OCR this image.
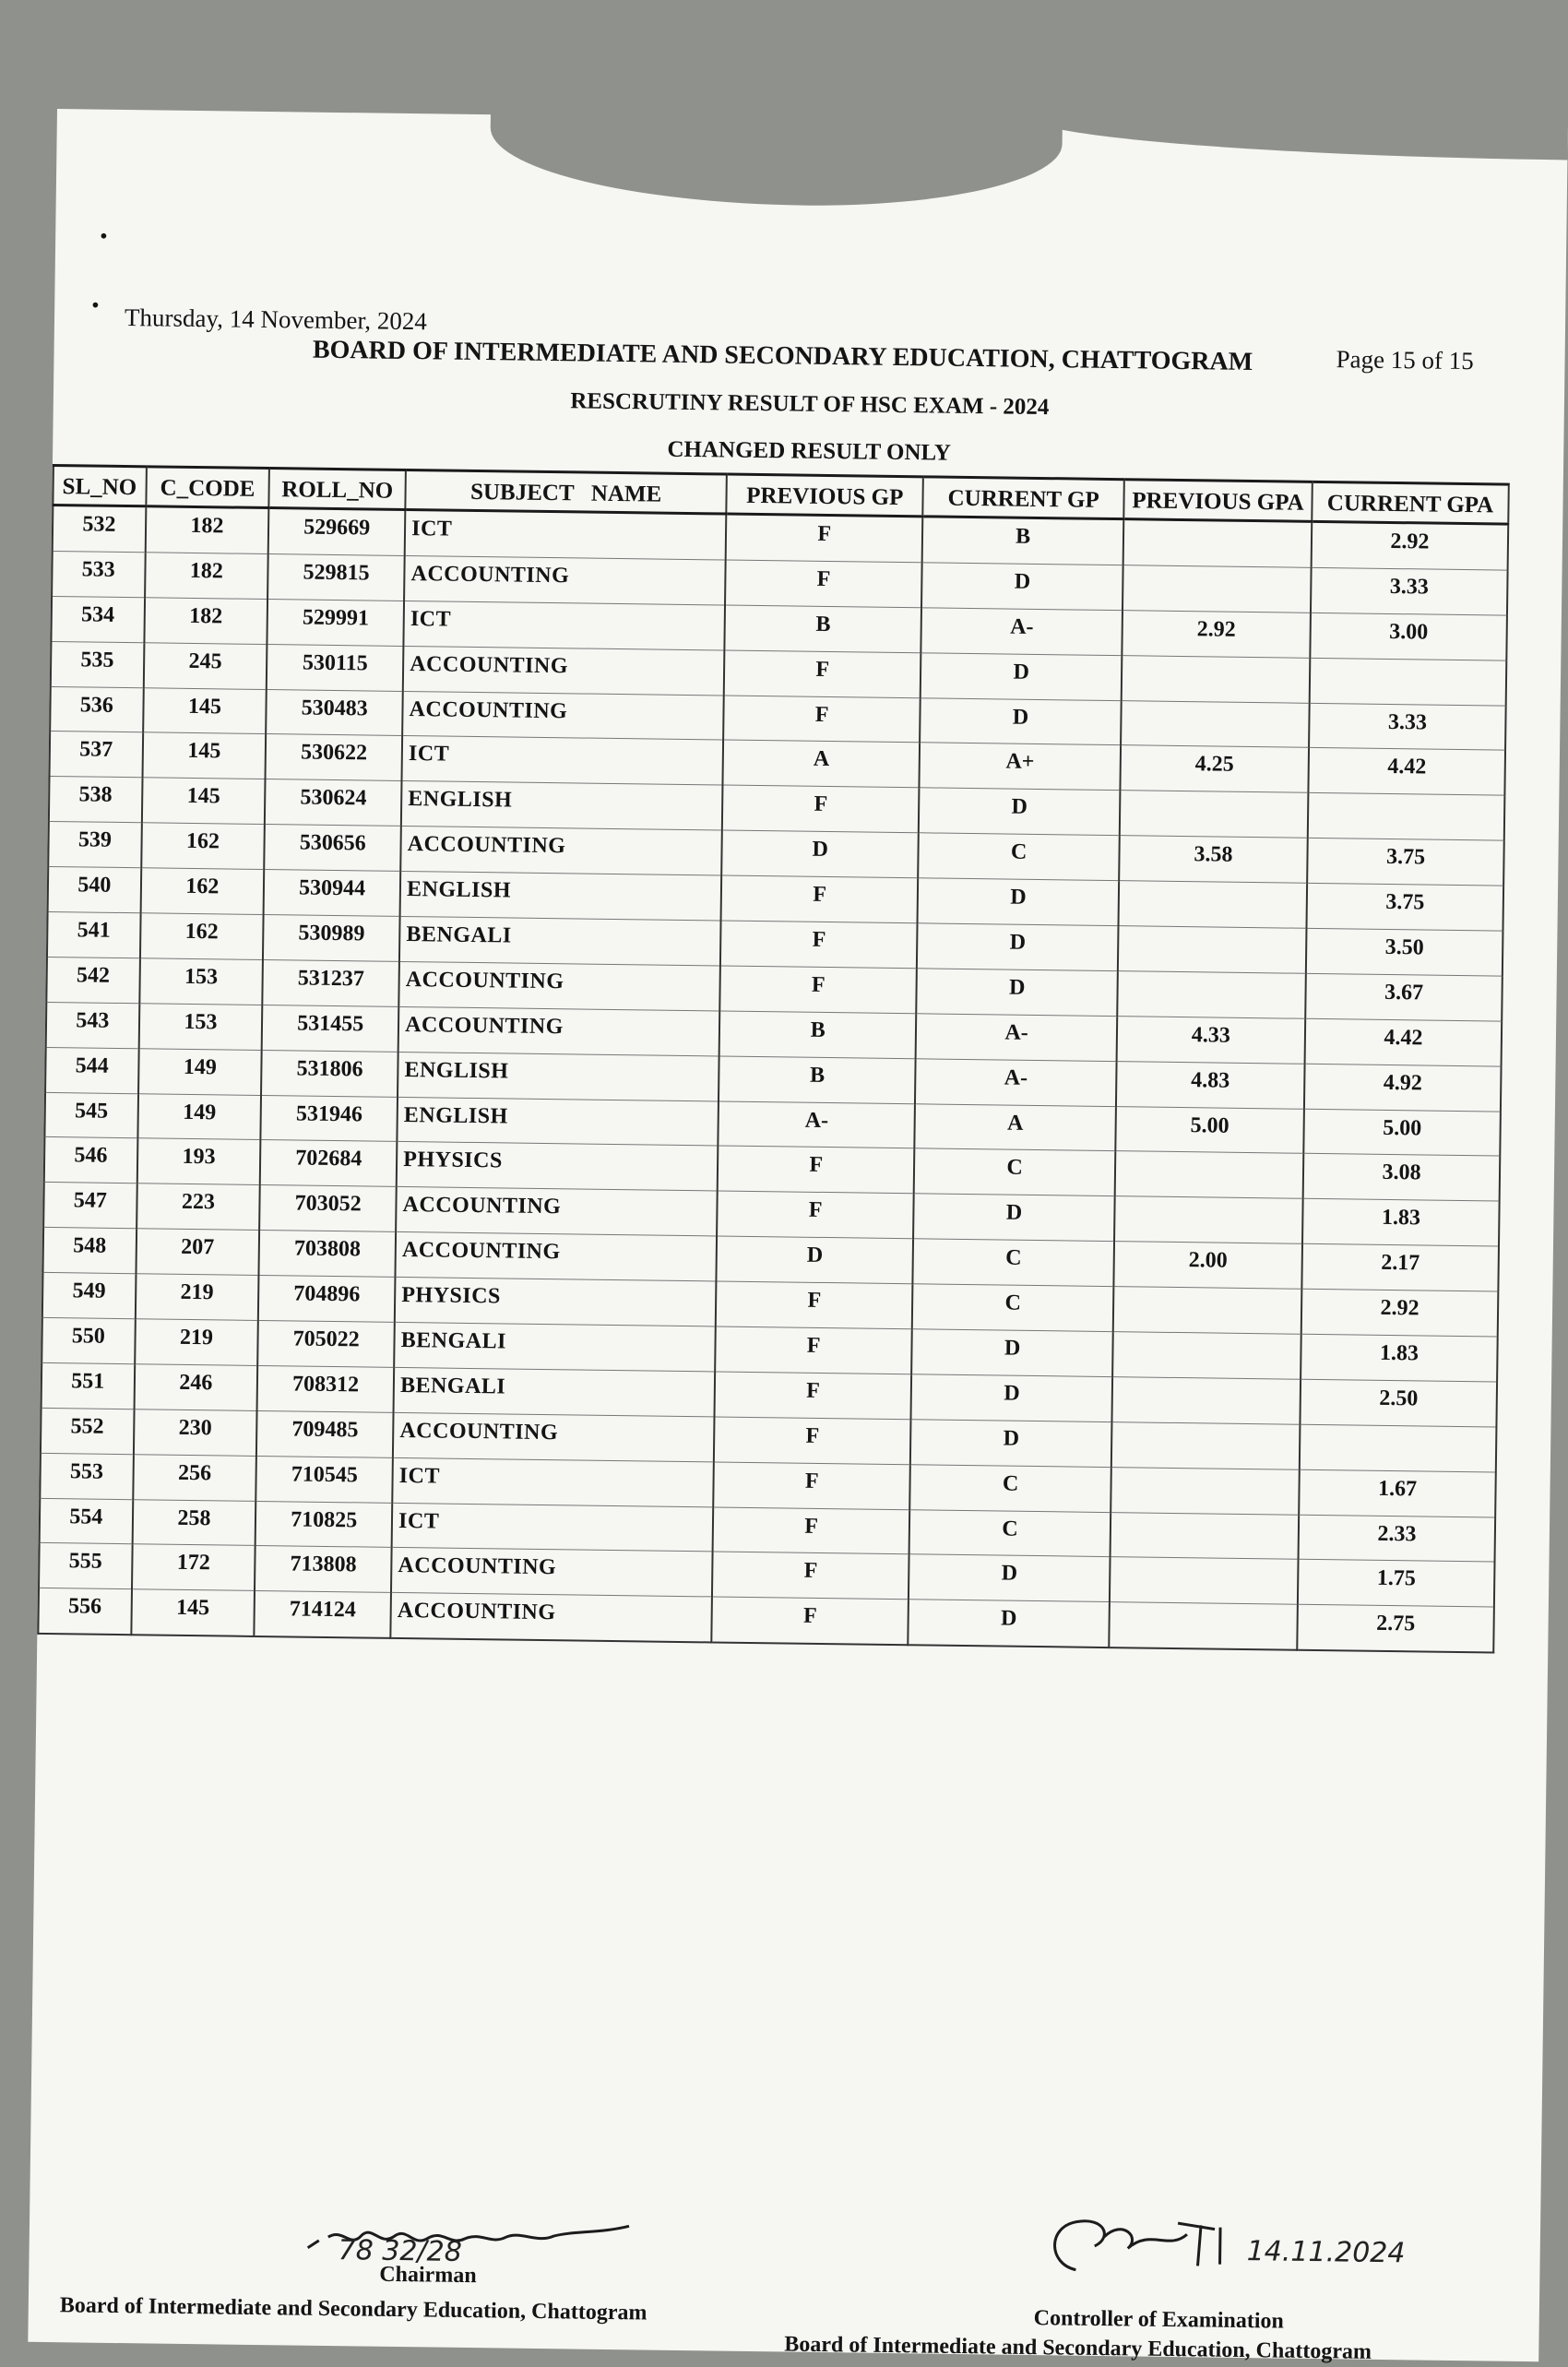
•
• Thursday, 14 November, 2024
Page 15 of 15
BOARD OF INTERMEDIATE AND SECONDARY EDUCATION, CHATTOGRAM
RESCRUTINY RESULT OF HSC EXAM - 2024
CHANGED RESULT ONLY
SL_NO	C_CODE	ROLL_NO	SUBJECT   NAME	PREVIOUS GP	CURRENT GP	PREVIOUS GPA	CURRENT GPA
532	182	529669	ICT	F	B		2.92
533	182	529815	ACCOUNTING	F	D		3.33
534	182	529991	ICT	B	A-	2.92	3.00
535	245	530115	ACCOUNTING	F	D		
536	145	530483	ACCOUNTING	F	D		3.33
537	145	530622	ICT	A	A+	4.25	4.42
538	145	530624	ENGLISH	F	D		
539	162	530656	ACCOUNTING	D	C	3.58	3.75
540	162	530944	ENGLISH	F	D		3.75
541	162	530989	BENGALI	F	D		3.50
542	153	531237	ACCOUNTING	F	D		3.67
543	153	531455	ACCOUNTING	B	A-	4.33	4.42
544	149	531806	ENGLISH	B	A-	4.83	4.92
545	149	531946	ENGLISH	A-	A	5.00	5.00
546	193	702684	PHYSICS	F	C		3.08
547	223	703052	ACCOUNTING	F	D		1.83
548	207	703808	ACCOUNTING	D	C	2.00	2.17
549	219	704896	PHYSICS	F	C		2.92
550	219	705022	BENGALI	F	D		1.83
551	246	708312	BENGALI	F	D		2.50
552	230	709485	ACCOUNTING	F	D		
553	256	710545	ICT	F	C		1.67
554	258	710825	ICT	F	C		2.33
555	172	713808	ACCOUNTING	F	D		1.75
556	145	714124	ACCOUNTING	F	D		2.75
78 32/28
Chairman
Board of Intermediate and Secondary Education, Chattogram
14.11.2024
Controller of Examination
Board of Intermediate and Secondary Education, Chattogram
